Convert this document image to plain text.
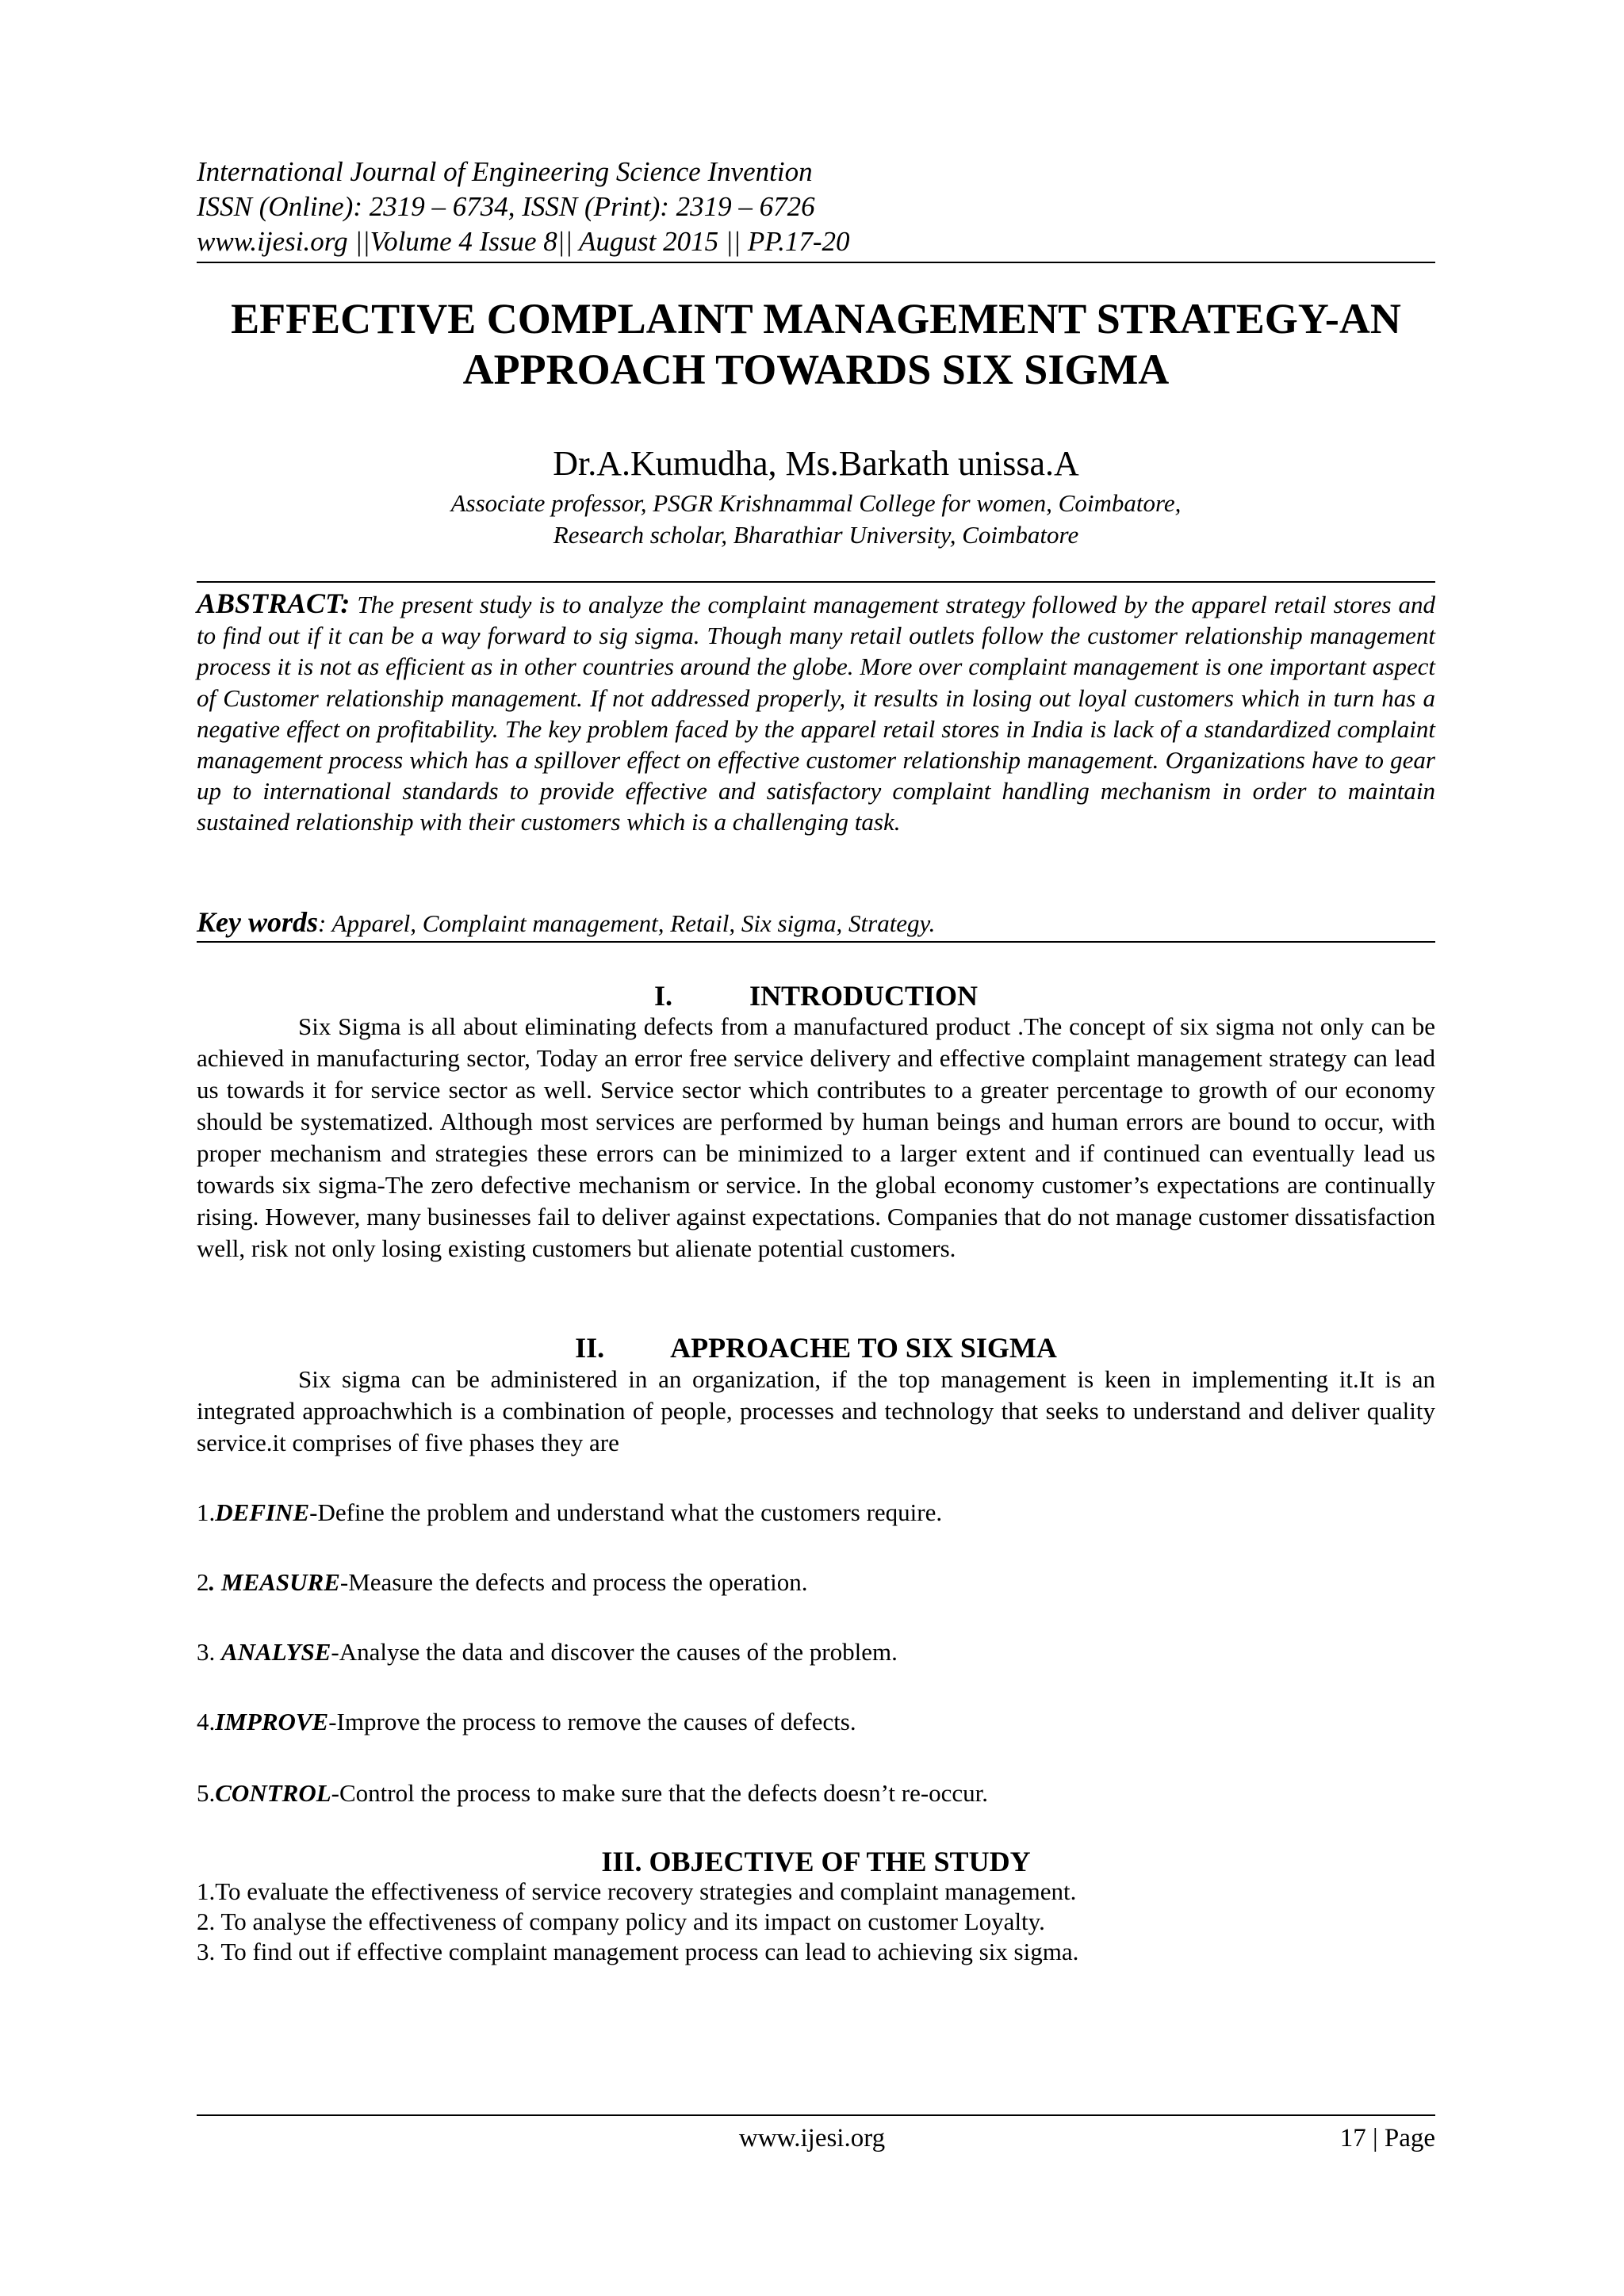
International Journal of Engineering Science Invention
ISSN (Online): 2319 – 6734, ISSN (Print): 2319 – 6726
www.ijesi.org ||Volume 4 Issue 8|| August 2015 || PP.17-20
EFFECTIVE COMPLAINT MANAGEMENT STRATEGY-AN
APPROACH TOWARDS SIX SIGMA
Dr.A.Kumudha, Ms.Barkath unissa.A
Associate professor, PSGR Krishnammal College for women, Coimbatore,
Research scholar, Bharathiar University, Coimbatore
ABSTRACT: The present study is to analyze the complaint management strategy followed by the apparel retail stores and to find out if it can be a way forward to sig sigma. Though many retail outlets follow the customer relationship management process it is not as efficient as in other countries around the globe. More over complaint management is one important aspect of Customer relationship management. If not addressed properly, it results in losing out loyal customers which in turn has a negative effect on profitability. The key problem faced by the apparel retail stores in India is lack of a standardized complaint management process which has a spillover effect on effective customer relationship management. Organizations have to gear up to international standards to provide effective and satisfactory complaint handling mechanism in order to maintain sustained relationship with their customers which is a challenging task.
Key words: Apparel, Complaint management, Retail, Six sigma, Strategy.
I.	INTRODUCTION
Six Sigma is all about eliminating defects from a manufactured product .The concept of six sigma not only can be achieved in manufacturing sector, Today an error free service delivery and effective complaint management strategy can lead us towards it for service sector as well. Service sector which contributes to a greater percentage to growth of our economy should be systematized. Although most services are performed by human beings and human errors are bound to occur, with proper mechanism and strategies these errors can be minimized to a larger extent and if continued can eventually lead us towards six sigma-The zero defective mechanism or service. In the global economy customer’s expectations are continually rising. However, many businesses fail to deliver against expectations. Companies that do not manage customer dissatisfaction well, risk not only losing existing customers but alienate potential customers.
II. APPROACHE TO SIX SIGMA
Six sigma can be administered in an organization, if the top management is keen in implementing it.It is an integrated approachwhich is a combination of people, processes and technology that seeks to understand and deliver quality service.it comprises of five phases they are
1.DEFINE-Define the problem and understand what the customers require.
2. MEASURE-Measure the defects and process the operation.
3. ANALYSE-Analyse the data and discover the causes of the problem.
4.IMPROVE-Improve the process to remove the causes of defects.
5.CONTROL-Control the process to make sure that the defects doesn’t re-occur.
III. OBJECTIVE OF THE STUDY
1.To evaluate the effectiveness of service recovery strategies and complaint management.
2. To analyse the effectiveness of company policy and its impact on customer Loyalty.
3. To find out if effective complaint management process can lead to achieving six sigma.
www.ijesi.org	17 | Page
